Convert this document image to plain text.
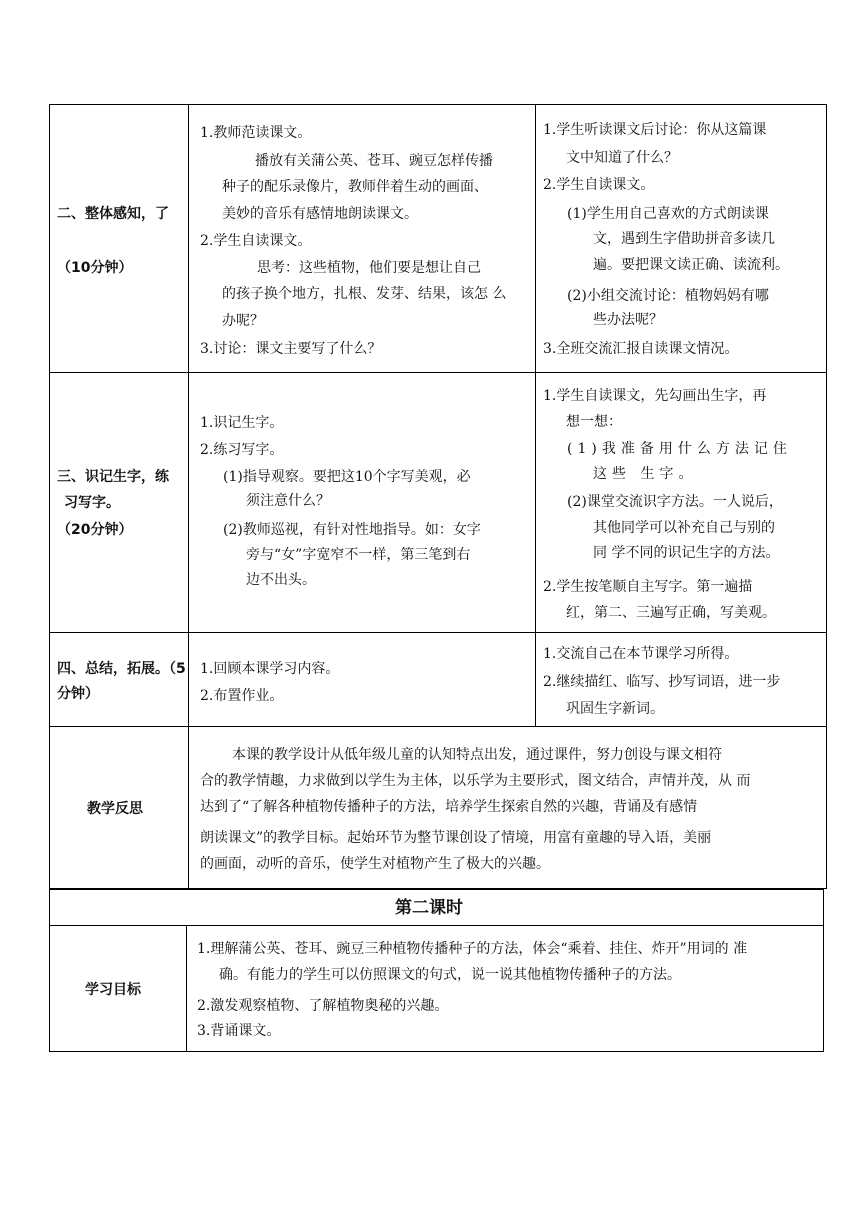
二、整体感知，了
（10分钟）
1.教师范读课文。
播放有关蒲公英、苍耳、豌豆怎样传播
种子的配乐录像片，教师伴着生动的画面、
美妙的音乐有感情地朗读课文。
2.学生自读课文。
思考：这些植物，他们要是想让自己
的孩子换个地方，扎根、发芽、结果，该怎 么
办呢？
3.讨论：课文主要写了什么？
1.学生听读课文后讨论：你从这篇课
文中知道了什么？
2.学生自读课文。
(1)学生用自己喜欢的方式朗读课
文，遇到生字借助拼音多读几
遍。要把课文读正确、读流利。
(2)小组交流讨论：植物妈妈有哪
些办法呢？
3.全班交流汇报自读课文情况。
三、识记生字，练
习写字。
（20分钟）
1.识记生字。
2.练习写字。
(1)指导观察。要把这10个字写美观，必
须注意什么？
(2)教师巡视，有针对性地指导。如：女字
旁与“女”字宽窄不一样，第三笔到右
边不出头。
1.学生自读课文，先勾画出生字，再
想一想：
(1)我准备用什么方法记住
这些 生字。
(2)课堂交流识字方法。一人说后，
其他同学可以补充自己与别的
同 学不同的识记生字的方法。
2.学生按笔顺自主写字。第一遍描
红，第二、三遍写正确，写美观。
四、总结，拓展。（5
分钟）
1.回顾本课学习内容。
2.布置作业。
1.交流自己在本节课学习所得。
2.继续描红、临写、抄写词语，进一步
巩固生字新词。
教学反思
本课的教学设计从低年级儿童的认知特点出发，通过课件，努力创设与课文相符
合的教学情趣，力求做到以学生为主体，以乐学为主要形式，图文结合，声情并茂，从 而
达到了“了解各种植物传播种子的方法，培养学生探索自然的兴趣，背诵及有感情
朗读课文”的教学目标。起始环节为整节课创设了情境，用富有童趣的导入语，美丽
的画面，动听的音乐，使学生对植物产生了极大的兴趣。
第二课时
学习目标
1.理解蒲公英、苍耳、豌豆三种植物传播种子的方法，体会“乘着、挂住、炸开”用词的 准
确。有能力的学生可以仿照课文的句式，说一说其他植物传播种子的方法。
2.激发观察植物、了解植物奥秘的兴趣。
3.背诵课文。
